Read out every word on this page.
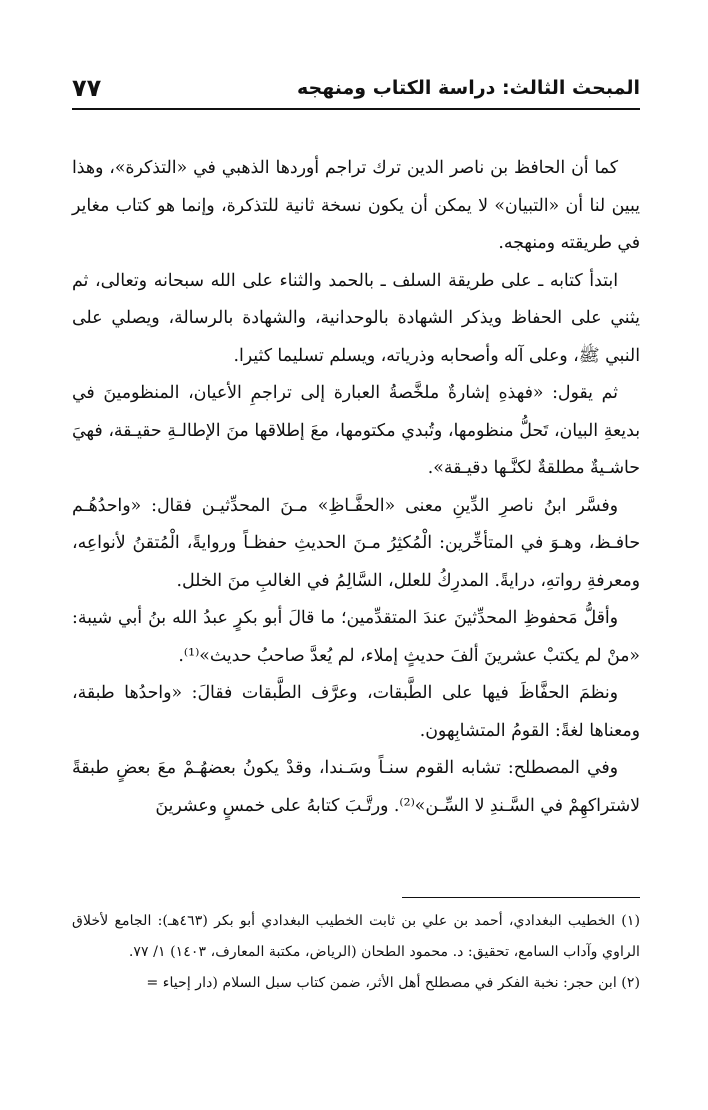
المبحث الثالث: دراسة الكتاب ومنهجه
٧٧

كما أن الحافظ بن ناصر الدين ترك تراجم أوردها الذهبي في «التذكرة»، وهذا يبين لنا أن «التبيان» لا يمكن أن يكون نسخة ثانية للتذكرة، وإنما هو كتاب مغاير في طريقته ومنهجه.

ابتدأ كتابه ـ على طريقة السلف ـ بالحمد والثناء على الله سبحانه وتعالى، ثم يثني على الحفاظ ويذكر الشهادة بالوحدانية، والشهادة بالرسالة، ويصلي على النبي ﷺ، وعلى آله وأصحابه وذرياته، ويسلم تسليما كثيرا.

ثم يقول: «فهذهِ إشارةٌ ملخَّصةُ العبارة إلى تراجمِ الأعيان، المنظومينَ في بديعةِ البيان، تَحلُّ منظومها، وتُبدي مكتومها، معَ إطلاقها منَ الإطالـةِ حقيـقة، فهيَ حاشـيةٌ مطلقةٌ لكنَّـها دقيـقة».

وفسَّر ابنُ ناصرِ الدِّينِ معنى «الحفَّـاظِ» مـنَ المحدِّثيـن فقال: «واحدُهُـم حافـظ، وهـوَ في المتأخِّرين: الْمُكثِرُ مـنَ الحديثِ حفظـاً وروايةً، الْمُتقنُ لأنواعِه، ومعرفةِ رواتهِ، درايةً. المدرِكُ للعلل، السَّالِمُ في الغالبِ منَ الخلل.

وأقلُّ مَحفوظِ المحدِّثينَ عندَ المتقدِّمين؛ ما قالَ أبو بكرٍ عبدُ الله بنُ أبي شيبة: «منْ لم يكتبْ عشرينَ ألفَ حديثٍ إملاء، لم يُعدَّ صاحبُ حديث»⁽¹⁾.

ونظمَ الحفَّاظَ فيها على الطَّبقات، وعرَّف الطَّبقات فقالَ: «واحدُها طبقة، ومعناها لغةً: القومُ المتشابِهون.

وفي المصطلح: تشابه القوم سنـاً وسَـندا، وقدْ يكونُ بعضهُـمْ معَ بعضٍ طبقةً لاشتراكهِمْ في السَّـندِ لا السِّـن»⁽²⁾. ورتَّـبَ كتابهُ على خمسٍ وعشرينَ

(١) الخطيب البغدادي، أحمد بن علي بن ثابت الخطيب البغدادي أبو بكر (٤٦٣هـ): الجامع لأخلاق الراوي وآداب السامع، تحقيق: د. محمود الطحان (الرياض، مكتبة المعارف، ١٤٠٣) ١/ ٧٧.

(٢) ابن حجر: نخبة الفكر في مصطلح أهل الأثر، ضمن كتاب سبل السلام (دار إحياء =
